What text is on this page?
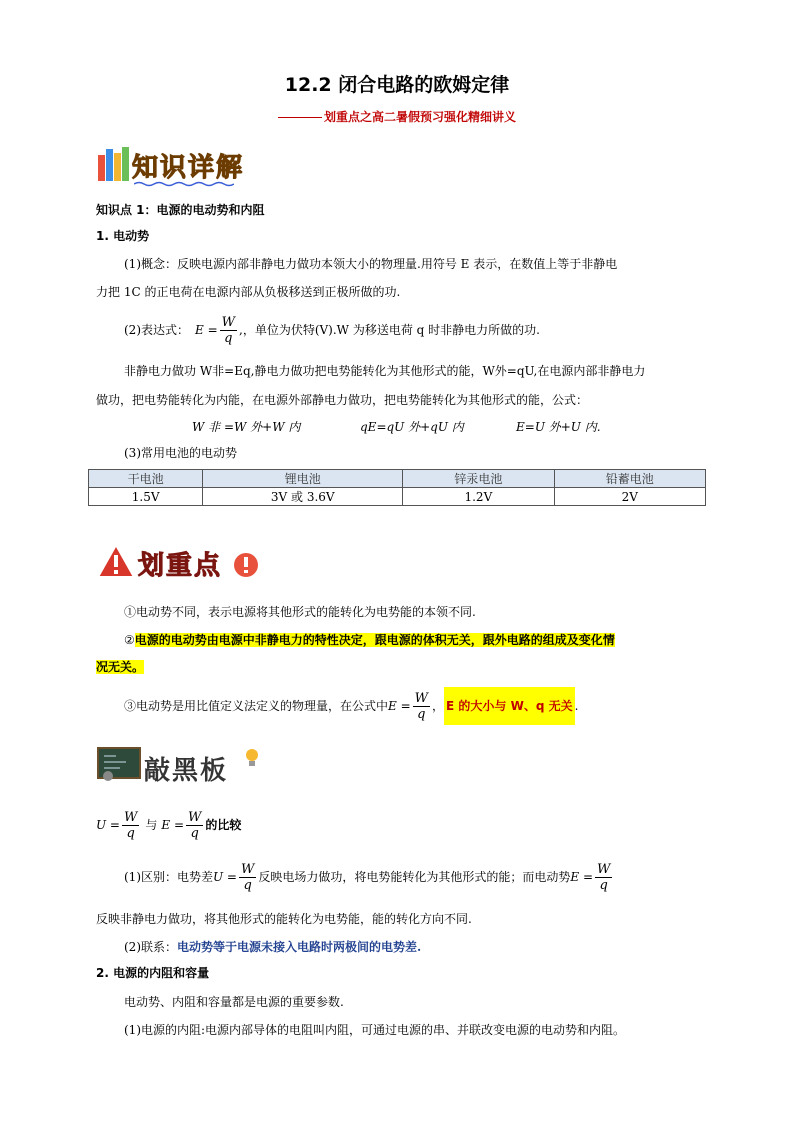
12.2 闭合电路的欧姆定律
划重点之高二暑假预习强化精细讲义
知识详解
知识点 1：电源的电动势和内阻
1. 电动势
(1)概念：反映电源内部非静电力做功本领大小的物理量.用符号 E 表示，在数值上等于非静电
力把 1C 的正电荷在电源内部从负极移送到正极所做的功.
(2)表达式： $E = \frac{W}{q}$ ,，单位为伏特(V).W 为移送电荷 q 时非静电力所做的功.
非静电力做功 W非=Eq,静电力做功把电势能转化为其他形式的能，W外=qU,在电源内部非静电力
做功，把电势能转化为内能，在电源外部静电力做功，把电势能转化为其他形式的能，公式：
W 非 =W 外+W 内	qE=qU 外+qU 内	E=U 外+U 内.
(3)常用电池的电动势
干电池	锂电池	锌汞电池	铅蓄电池
1.5V	3V 或 3.6V	1.2V	2V
划重点
①电动势不同，表示电源将其他形式的能转化为电势能的本领不同.
②电源的电动势由电源中非静电力的特性决定，跟电源的体积无关，跟外电路的组成及变化情
况无关。
③电动势是用比值定义法定义的物理量，在公式中 $E = \frac{W}{q}$ ， E 的大小与 W、q 无关 .
敲黑板
$U = \frac{W}{q}$ 与 $E = \frac{W}{q}$ 的比较
(1)区别：电势差 $U = \frac{W}{q}$ 反映电场力做功，将电势能转化为其他形式的能；而电动势 $E = \frac{W}{q}$
反映非静电力做功，将其他形式的能转化为电势能，能的转化方向不同.
(2)联系：电动势等于电源未接入电路时两极间的电势差.
2. 电源的内阻和容量
电动势、内阻和容量都是电源的重要参数.
(1)电源的内阻:电源内部导体的电阻叫内阻，可通过电源的串、并联改变电源的电动势和内阻。
